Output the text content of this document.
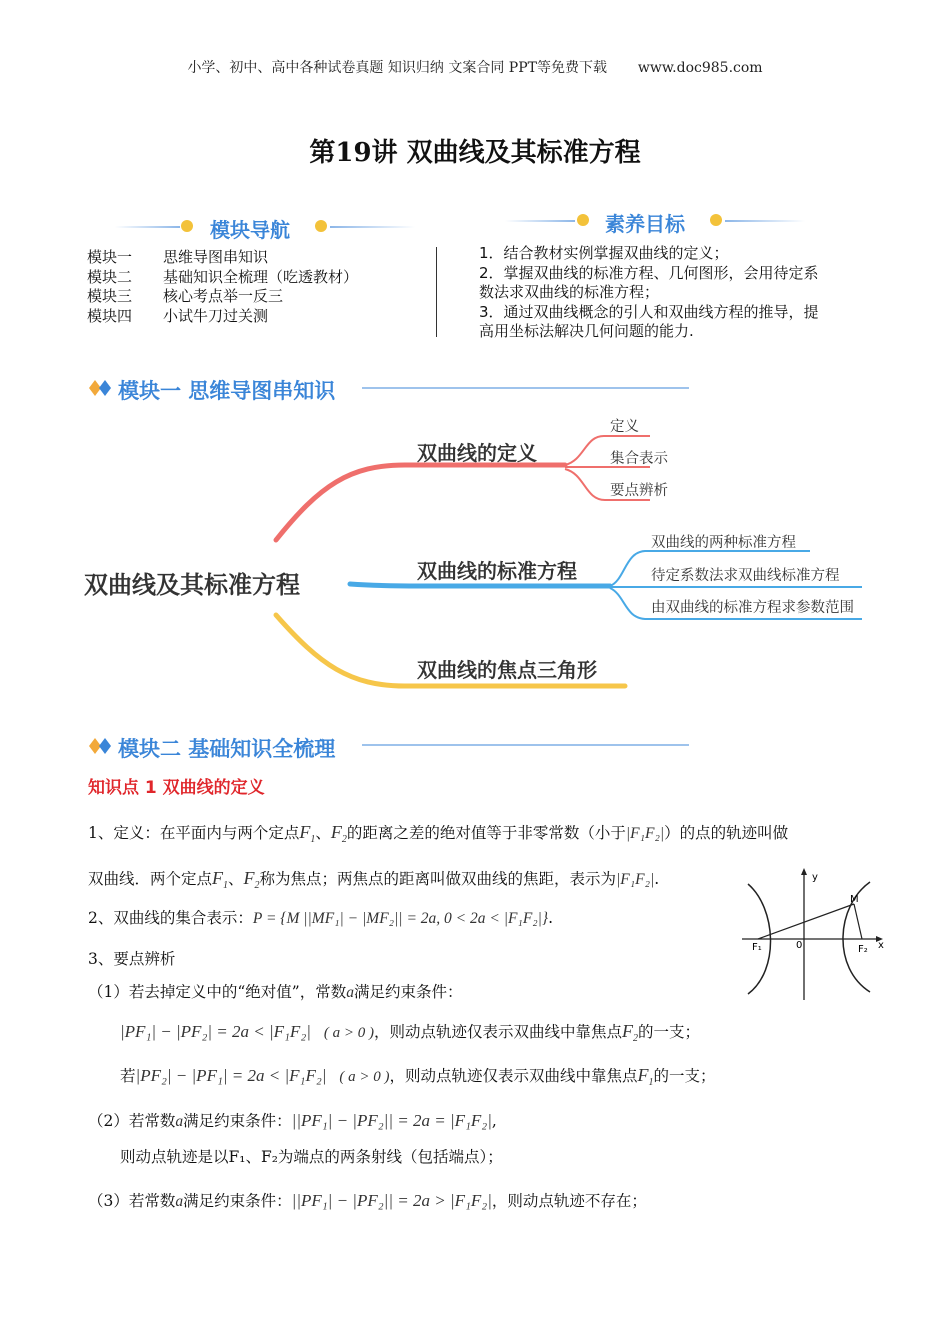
小学、初中、高中各种试卷真题 知识归纳 文案合同 PPT等免费下载 www.doc985.com
第19讲 双曲线及其标准方程
模块导航	素养目标
模块一 思维导图串知识
模块二 基础知识全梳理（吃透教材）
模块三 核心考点举一反三
模块四 小试牛刀过关测
1．结合教材实例掌握双曲线的定义；
2．掌握双曲线的标准方程、几何图形，会用待定系
数法求双曲线的标准方程；
3．通过双曲线概念的引人和双曲线方程的推导，提
高用坐标法解决几何问题的能力.
模块一 思维导图串知识
双曲线及其标准方程
双曲线的定义
定义
集合表示
要点辨析
双曲线的标准方程
双曲线的两种标准方程
待定系数法求双曲线标准方程
由双曲线的标准方程求参数范围
双曲线的焦点三角形
模块二 基础知识全梳理
知识点 1 双曲线的定义
1、定义：在平面内与两个定点$F_1$、$F_2$的距离之差的绝对值等于非零常数（小于|F₁F₂|）的点的轨迹叫做
双曲线．两个定点$F_1$、$F_2$称为焦点；两焦点的距离叫做双曲线的焦距，表示为|F₁F₂|.
2、双曲线的集合表示：P = {M ||MF₁| − |MF₂|| = 2a, 0 < 2a < |F₁F₂|}.
3、要点辨析
（1）若去掉定义中的“绝对值”，常数a满足约束条件：
|PF₁| − |PF₂| = 2a < |F₁F₂| ( a > 0 )，则动点轨迹仅表示双曲线中靠焦点$F_2$的一支；
若|PF₂| − |PF₁| = 2a < |F₁F₂| ( a > 0 )，则动点轨迹仅表示双曲线中靠焦点$F_1$的一支；
（2）若常数a满足约束条件：||PF₁| − |PF₂|| = 2a = |F₁F₂|,
则动点轨迹是以F₁、F₂为端点的两条射线（包括端点）；
（3）若常数a满足约束条件：||PF₁| − |PF₂|| = 2a > |F₁F₂|，则动点轨迹不存在；
y
x
0
M
F₁	F₂
